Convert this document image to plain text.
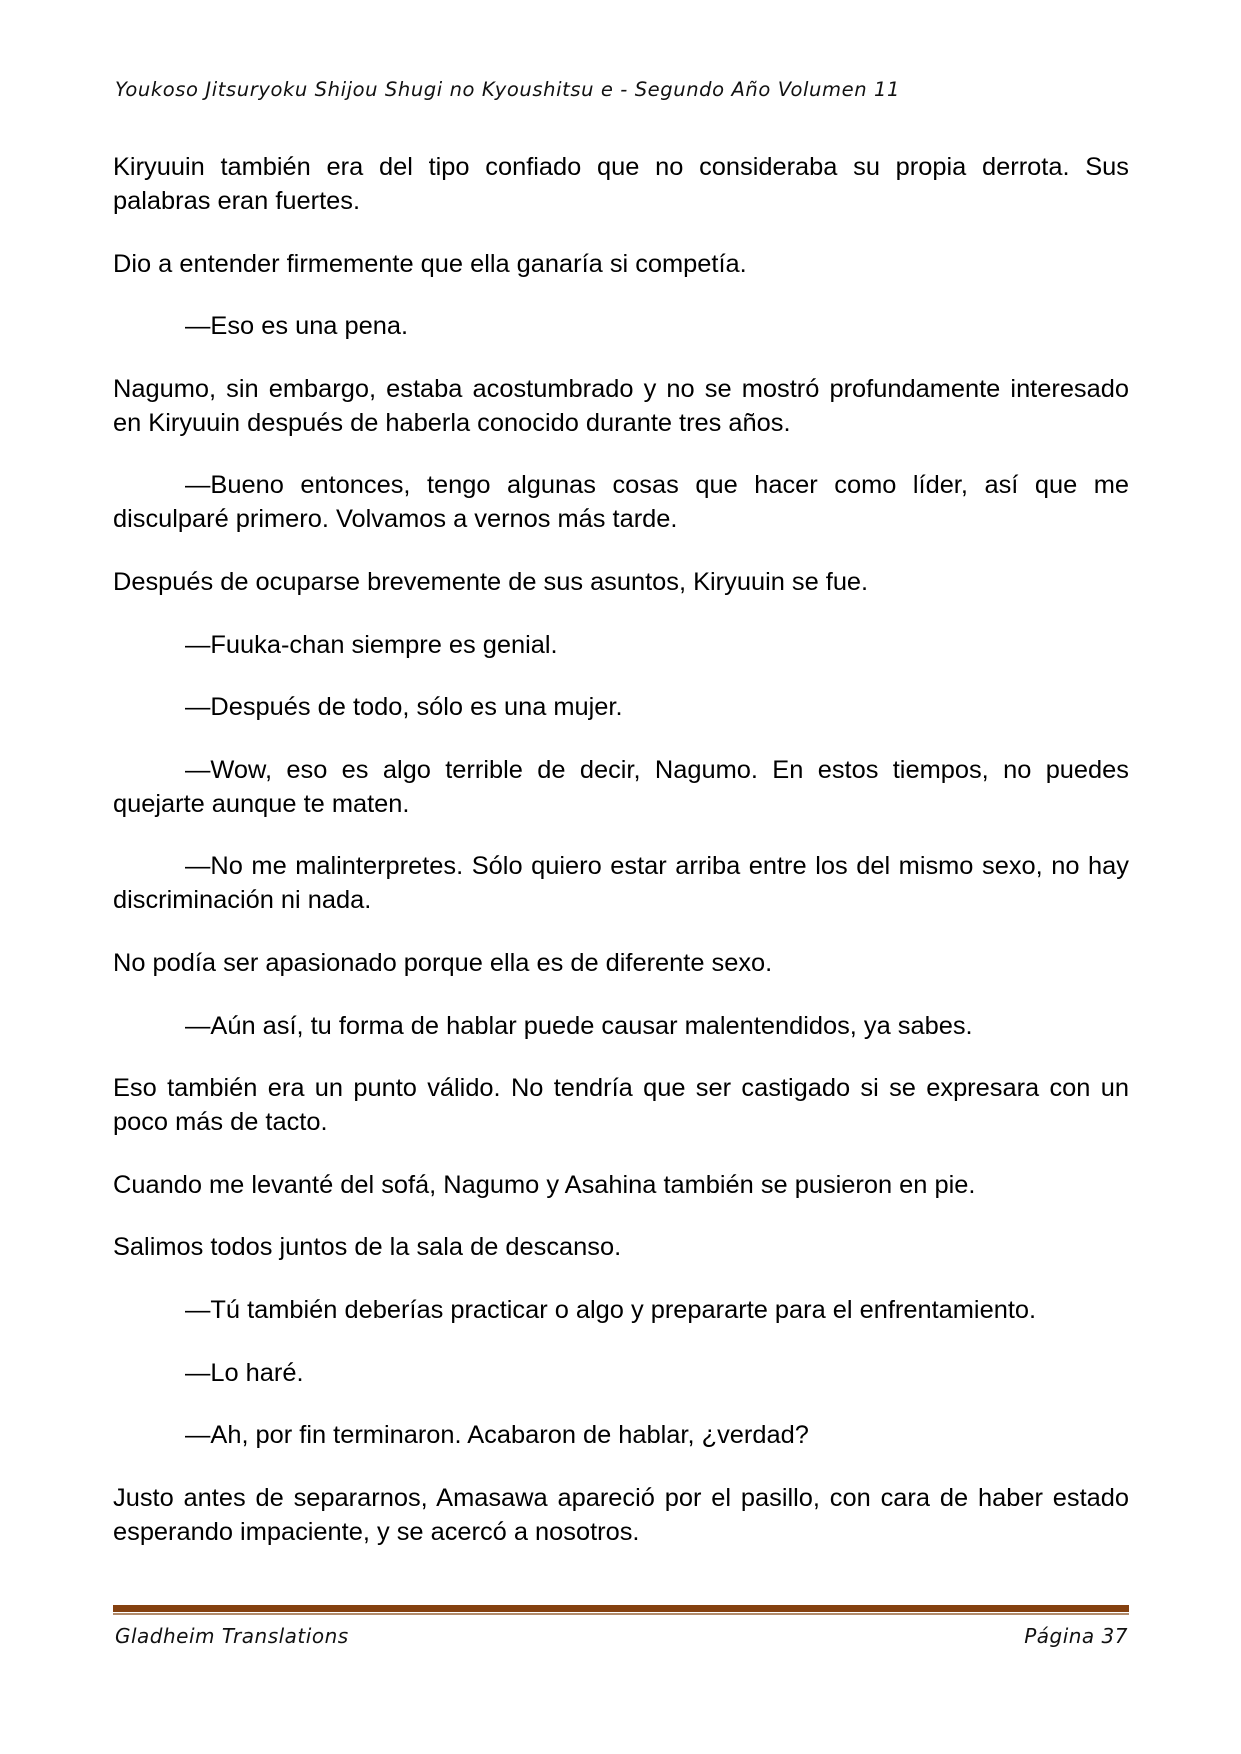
Youkoso Jitsuryoku Shijou Shugi no Kyoushitsu e - Segundo Año Volumen 11

Kiryuuin también era del tipo confiado que no consideraba su propia derrota. Sus palabras eran fuertes.

Dio a entender firmemente que ella ganaría si competía.

—Eso es una pena.

Nagumo, sin embargo, estaba acostumbrado y no se mostró profundamente interesado en Kiryuuin después de haberla conocido durante tres años.

—Bueno entonces, tengo algunas cosas que hacer como líder, así que me disculparé primero. Volvamos a vernos más tarde.

Después de ocuparse brevemente de sus asuntos, Kiryuuin se fue.

—Fuuka-chan siempre es genial.

—Después de todo, sólo es una mujer.

—Wow, eso es algo terrible de decir, Nagumo. En estos tiempos, no puedes quejarte aunque te maten.

—No me malinterpretes. Sólo quiero estar arriba entre los del mismo sexo, no hay discriminación ni nada.

No podía ser apasionado porque ella es de diferente sexo.

—Aún así, tu forma de hablar puede causar malentendidos, ya sabes.

Eso también era un punto válido. No tendría que ser castigado si se expresara con un poco más de tacto.

Cuando me levanté del sofá, Nagumo y Asahina también se pusieron en pie.

Salimos todos juntos de la sala de descanso.

—Tú también deberías practicar o algo y prepararte para el enfrentamiento.

—Lo haré.

—Ah, por fin terminaron. Acabaron de hablar, ¿verdad?

Justo antes de separarnos, Amasawa apareció por el pasillo, con cara de haber estado esperando impaciente, y se acercó a nosotros.

Gladheim Translations	Página 37
